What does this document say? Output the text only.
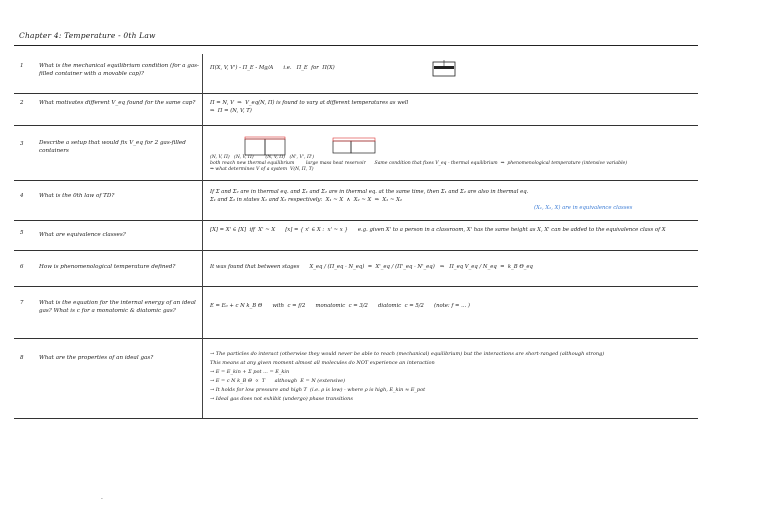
Chapter 4: Temperature - 0th Law
1	What is the mechanical equilibrium condition (for a gas-filled container with a movable cap)?
Π(X, V, V') - Π_E - Mg/A      i.e.   Π_E  for  Π(X)
2	What motivates different V_eq found for the same cap?	Π = N, V  ⇒  V_eq(N, Π) is found to vary at different temperatures as well
⇒  Π = (N, V, T)
3	Describe a setup that would fix V_eq for 2 gas-filled containers
(N, V, Π)   (N, V, Π)        (N, V, Π)   (N', V', Π')
both reach new thermal equilibrium        large mass heat reservoir      Same condition that fixes V_eq - thermal equilibrium  ⇒  phenomenological temperature (intensive variable)
⇒ what determines V of a system  V(N, Π, T)
4	What is the 0th law of TD?
If Σ and Σ₂ are in thermal eq. and Σ₁ and Σ₂ are in thermal eq. at the same time, then Σ₁ and Σ₂ are also in thermal eq.
Σ₁ and Σ₂ in states X₁ and X₂ respectively:  X₁ ~ X  ∧  X₂ ~ X  ⇒  X₁ ~ X₂
(X₁, X₂, X) are in equivalence classes
5	What are equivalence classes?
[X] = X' ∈ [X]  iff  X' ~ X      [x] = { x' ∈ X :  x' ~ x }      e.g. given X' to a person in a classroom, X' has the same height as X, X' can be added to the equivalence class of X
6	How is phenomenological temperature defined?	It was found that between stages      X_eq / (Π_eq · N_eq)  =  X'_eq / (Π'_eq · N'_eq)   ⇒   Π_eq V_eq / N_eq  =  k_B Θ_eq
7	What is the equation for the internal energy of an ideal gas? What is c for a monatomic & diatomic gas?
E = E₀ + c N k_B Θ      with  c = f/2      monatomic  c = 3/2      diatomic  c = 5/2      (note: f = ... )
8	What are the properties of an ideal gas?
→ The particles do interact (otherwise they would never be able to reach (mechanical) equilibrium) but the interactions are short-ranged (although strong)
This means at any given moment almost all molecules do NOT experience an interaction
→ E = E_kin + Σ pot ... = E_kin
→ E = c N k_B Θ  ∝  T      although  E = N (extensive)
→ It holds for low pressure and high T  (i.e. ρ is low) - where ρ is high, E_kin ≈ E_pot
→ Ideal gas does not exhibit (undergo) phase transitions
·
